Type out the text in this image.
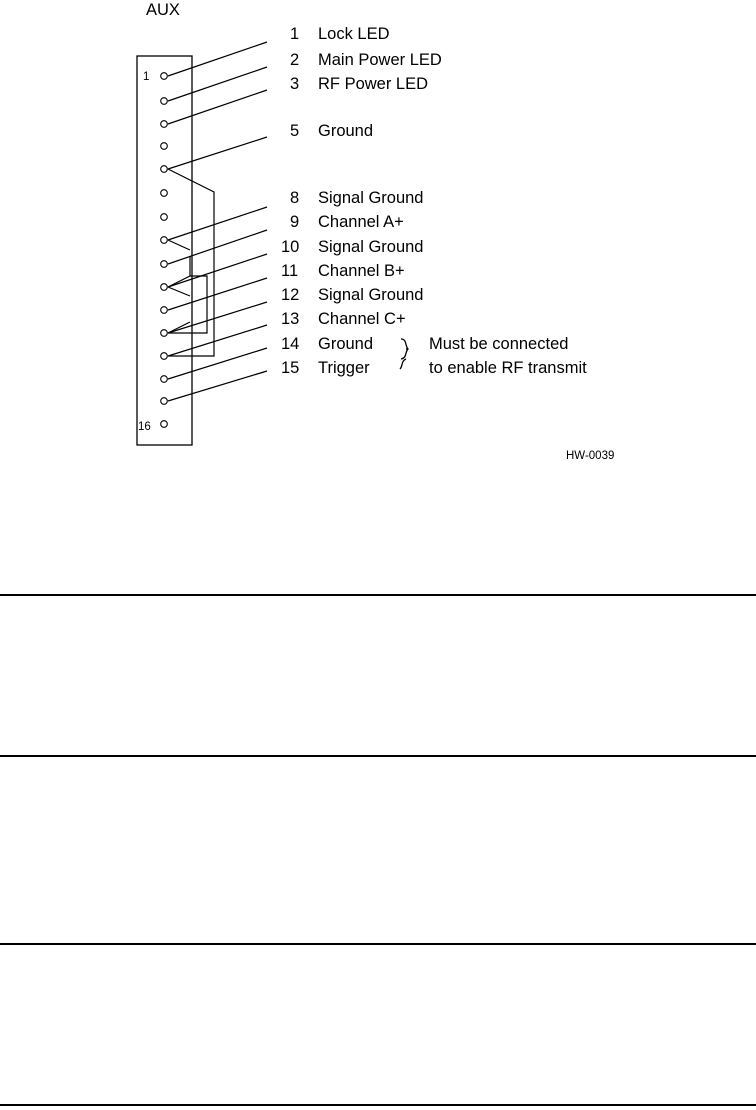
AUX
1
16
1 Lock LED
2 Main Power LED
3 RF Power LED
5 Ground
8 Signal Ground
9 Channel A+
10 Signal Ground
11 Channel B+
12 Signal Ground
13 Channel C+
14 Ground
15 Trigger
Must be connected
to enable RF transmit
HW-0039
